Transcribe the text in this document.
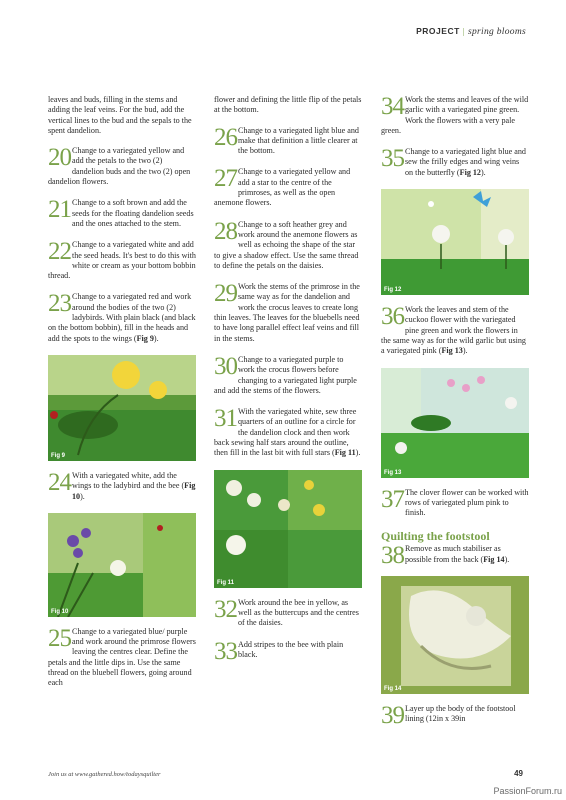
PROJECT | spring blooms

leaves and buds, filling in the stems and adding the leaf veins. For the bud, add the vertical lines to the bud and the sepals to the spent dandelion.

20 Change to a variegated yellow and add the petals to the two (2) dandelion buds and the two (2) open dandelion flowers.
21 Change to a soft brown and add the seeds for the floating dandelion seeds and the ones attached to the stem.
22 Change to a variegated white and add the seed heads. It's best to do this with white or cream as your bottom bobbin thread.
23 Change to a variegated red and work around the bodies of the two (2) ladybirds. With plain black (and black on the bottom bobbin), fill in the heads and add the spots to the wings (Fig 9).
Fig 9
24 With a variegated white, add the wings to the ladybird and the bee (Fig 10).
Fig 10
25 Change to a variegated blue/ purple and work around the primrose flowers leaving the centres clear. Define the petals and the little dips in. Use the same thread on the bluebell flowers, going around each

flower and defining the little flip of the petals at the bottom.

26 Change to a variegated light blue and make that definition a little clearer at the bottom.
27 Change to a variegated yellow and add a star to the centre of the primroses, as well as the open anemone flowers.
28 Change to a soft heather grey and work around the anemone flowers as well as echoing the shape of the star to give a shadow effect. Use the same thread to define the petals on the daisies.
29 Work the stems of the primrose in the same way as for the dandelion and work the crocus leaves to create long thin leaves. The leaves for the bluebells need to have long parallel effect leaf veins and fill in the stems.
30 Change to a variegated purple to work the crocus flowers before changing to a variegated light purple and add the stems of the flowers.
31 With the variegated white, sew three quarters of an outline for a circle for the dandelion clock and then work back sewing half stars around the outline, then fill in the last bit with full stars (Fig 11).
Fig 11
32 Work around the bee in yellow, as well as the buttercups and the centres of the daisies.
33 Add stripes to the bee with plain black.
34 Work the stems and leaves of the wild garlic with a variegated pine green. Work the flowers with a very pale green.
35 Change to a variegated light blue and sew the frilly edges and wing veins on the butterfly (Fig 12).
Fig 12
36 Work the leaves and stem of the cuckoo flower with the variegated pine green and work the flowers in the same way as for the wild garlic but using a variegated pink (Fig 13).
Fig 13
37 The clover flower can be worked with rows of variegated plum pink to finish.
Quilting the footstool
38 Remove as much stabiliser as possible from the back (Fig 14).
Fig 14
39 Layer up the body of the footstool lining (12in x 39in
Join us at www.gathered.how/todaysquilter	49
PassionForum.ru
